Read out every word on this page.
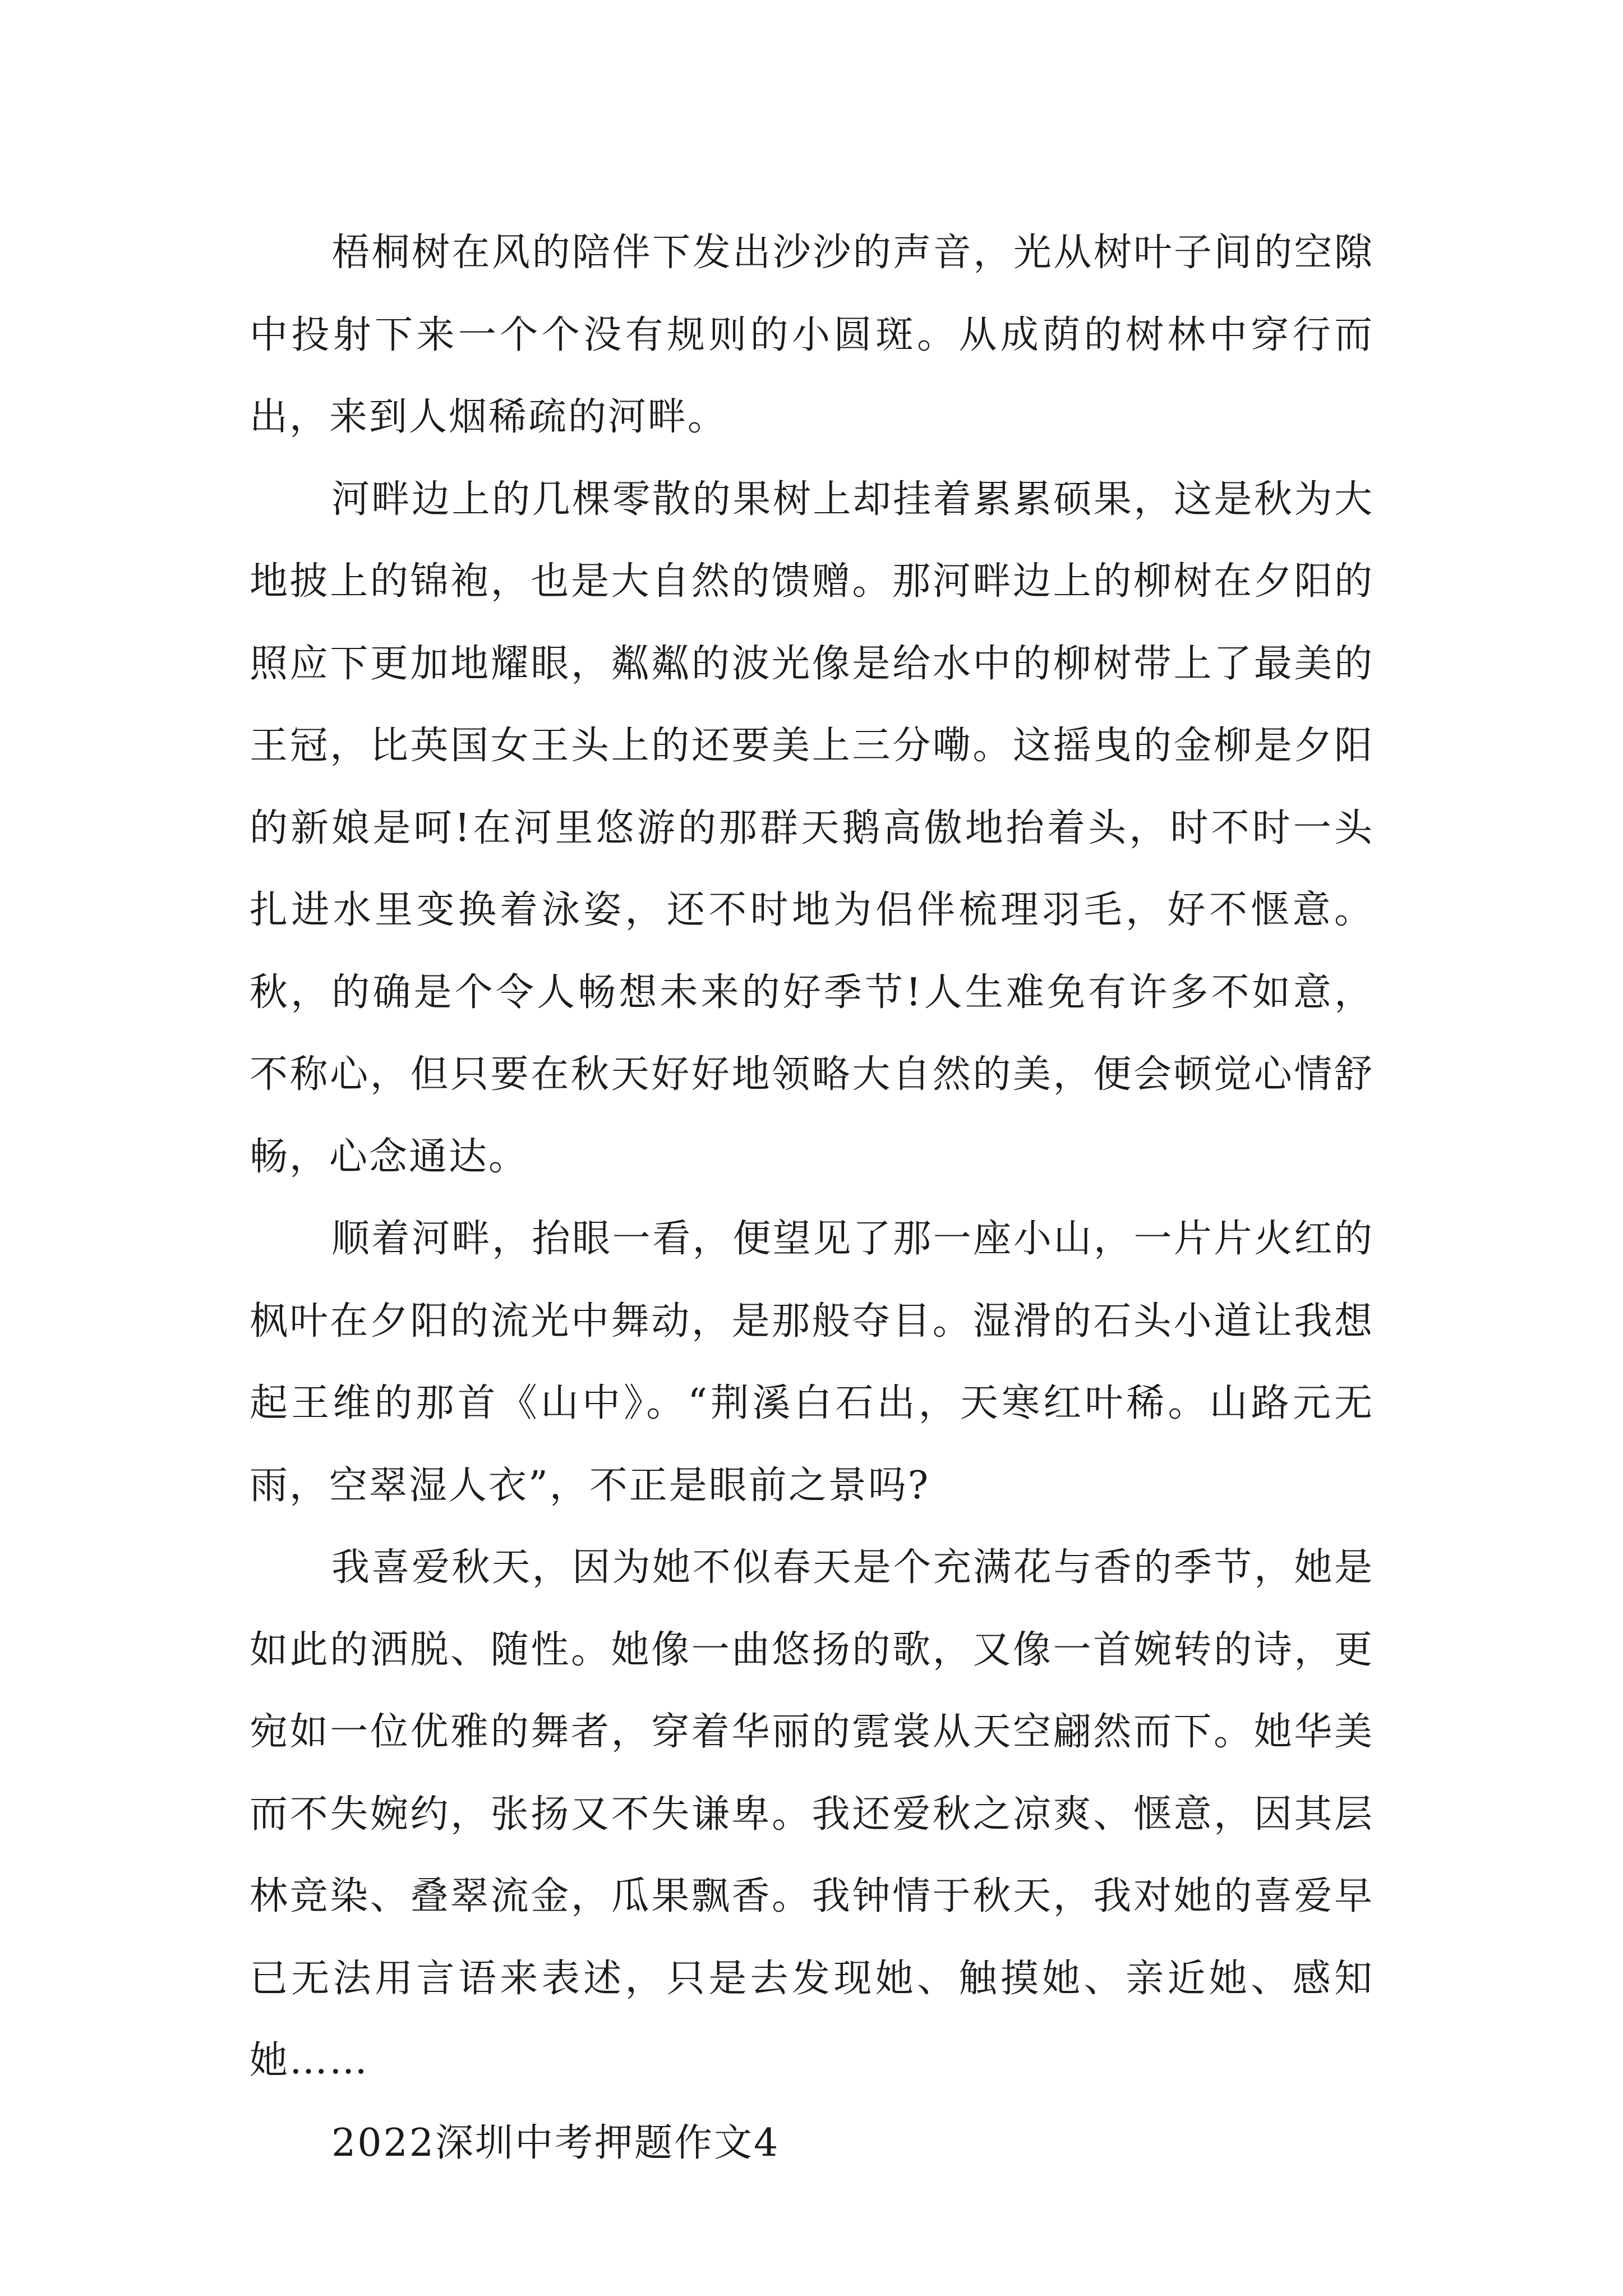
梧桐树在风的陪伴下发出沙沙的声音，光从树叶子间的空隙中投射下来一个个没有规则的小圆斑。从成荫的树林中穿行而出，来到人烟稀疏的河畔。

河畔边上的几棵零散的果树上却挂着累累硕果，这是秋为大地披上的锦袍，也是大自然的馈赠。那河畔边上的柳树在夕阳的照应下更加地耀眼，粼粼的波光像是给水中的柳树带上了最美的王冠，比英国女王头上的还要美上三分嘞。这摇曳的金柳是夕阳的新娘是呵!在河里悠游的那群天鹅高傲地抬着头，时不时一头扎进水里变换着泳姿，还不时地为侣伴梳理羽毛，好不惬意。秋，的确是个令人畅想未来的好季节!人生难免有许多不如意，不称心，但只要在秋天好好地领略大自然的美，便会顿觉心情舒畅，心念通达。

顺着河畔，抬眼一看，便望见了那一座小山，一片片火红的枫叶在夕阳的流光中舞动，是那般夺目。湿滑的石头小道让我想起王维的那首《山中》。“荆溪白石出，天寒红叶稀。山路元无雨，空翠湿人衣”，不正是眼前之景吗?

我喜爱秋天，因为她不似春天是个充满花与香的季节，她是如此的洒脱、随性。她像一曲悠扬的歌，又像一首婉转的诗，更宛如一位优雅的舞者，穿着华丽的霓裳从天空翩然而下。她华美而不失婉约，张扬又不失谦卑。我还爱秋之凉爽、惬意，因其层林竞染、叠翠流金，瓜果飘香。我钟情于秋天，我对她的喜爱早已无法用言语来表述，只是去发现她、触摸她、亲近她、感知她……

2022深圳中考押题作文4
